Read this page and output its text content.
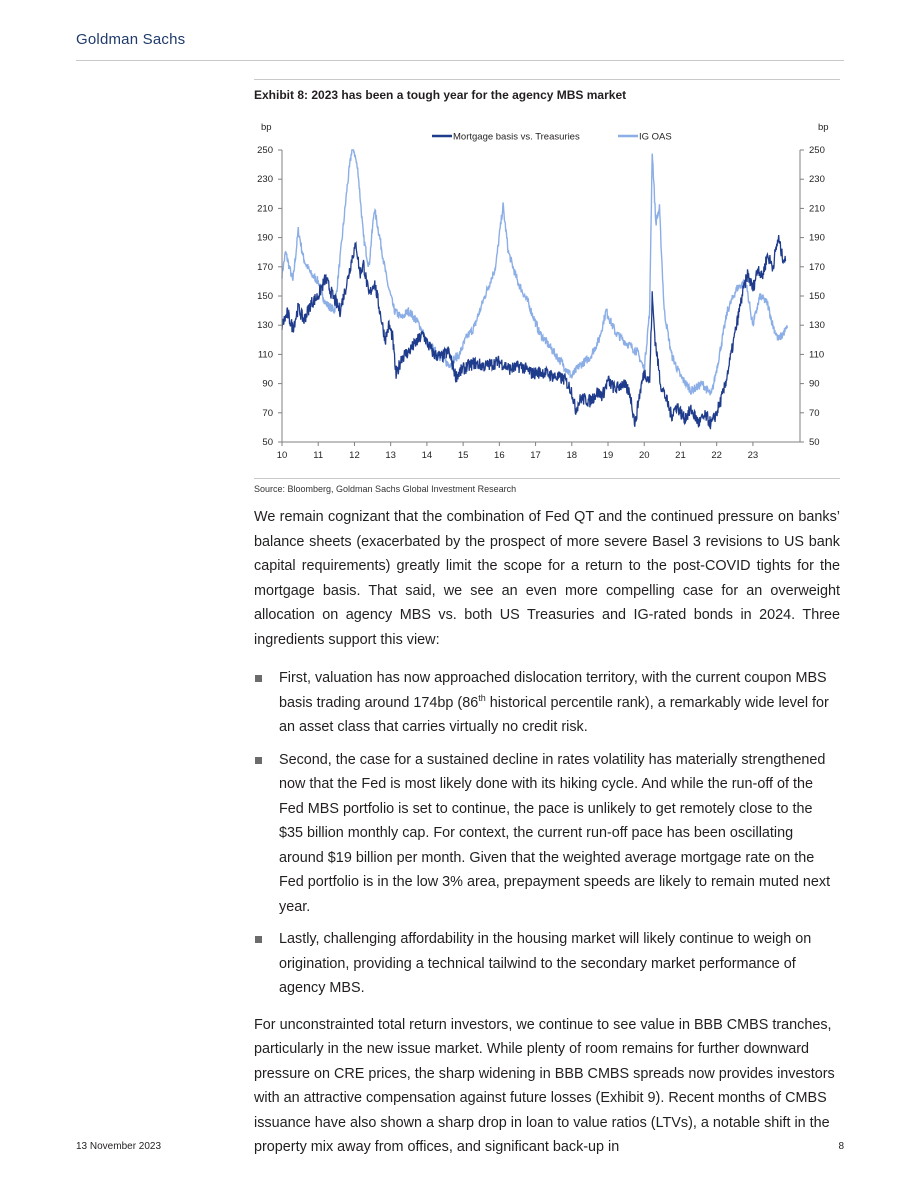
Goldman Sachs
Exhibit 8: 2023 has been a tough year for the agency MBS market
50	50
70	70
90	90
110	110
130	130
150	150
170	170
190	190
210	210
230	230
250	250
10	11	12	13	14	15	16	17	18	19	20	21	22	23
bp	bp
Mortgage basis vs. Treasuries	IG OAS
Source: Bloomberg, Goldman Sachs Global Investment Research

We remain cognizant that the combination of Fed QT and the continued pressure on banks’ balance sheets (exacerbated by the prospect of more severe Basel 3 revisions to US bank capital requirements) greatly limit the scope for a return to the post-COVID tights for the mortgage basis. That said, we see an even more compelling case for an overweight allocation on agency MBS vs. both US Treasuries and IG-rated bonds in 2024. Three ingredients support this view:

First, valuation has now approached dislocation territory, with the current coupon MBS basis trading around 174bp (86th historical percentile rank), a remarkably wide level for an asset class that carries virtually no credit risk.
Second, the case for a sustained decline in rates volatility has materially strengthened now that the Fed is most likely done with its hiking cycle. And while the run-off of the Fed MBS portfolio is set to continue, the pace is unlikely to get remotely close to the $35 billion monthly cap. For context, the current run-off pace has been oscillating around $19 billion per month. Given that the weighted average mortgage rate on the Fed portfolio is in the low 3% area, prepayment speeds are likely to remain muted next year.
Lastly, challenging affordability in the housing market will likely continue to weigh on origination, providing a technical tailwind to the secondary market performance of agency MBS.

For unconstrainted total return investors, we continue to see value in BBB CMBS tranches, particularly in the new issue market. While plenty of room remains for further downward pressure on CRE prices, the sharp widening in BBB CMBS spreads now provides investors with an attractive compensation against future losses (Exhibit 9). Recent months of CMBS issuance have also shown a sharp drop in loan to value ratios (LTVs), a notable shift in the property mix away from offices, and significant back-up in

13 November 2023	8
